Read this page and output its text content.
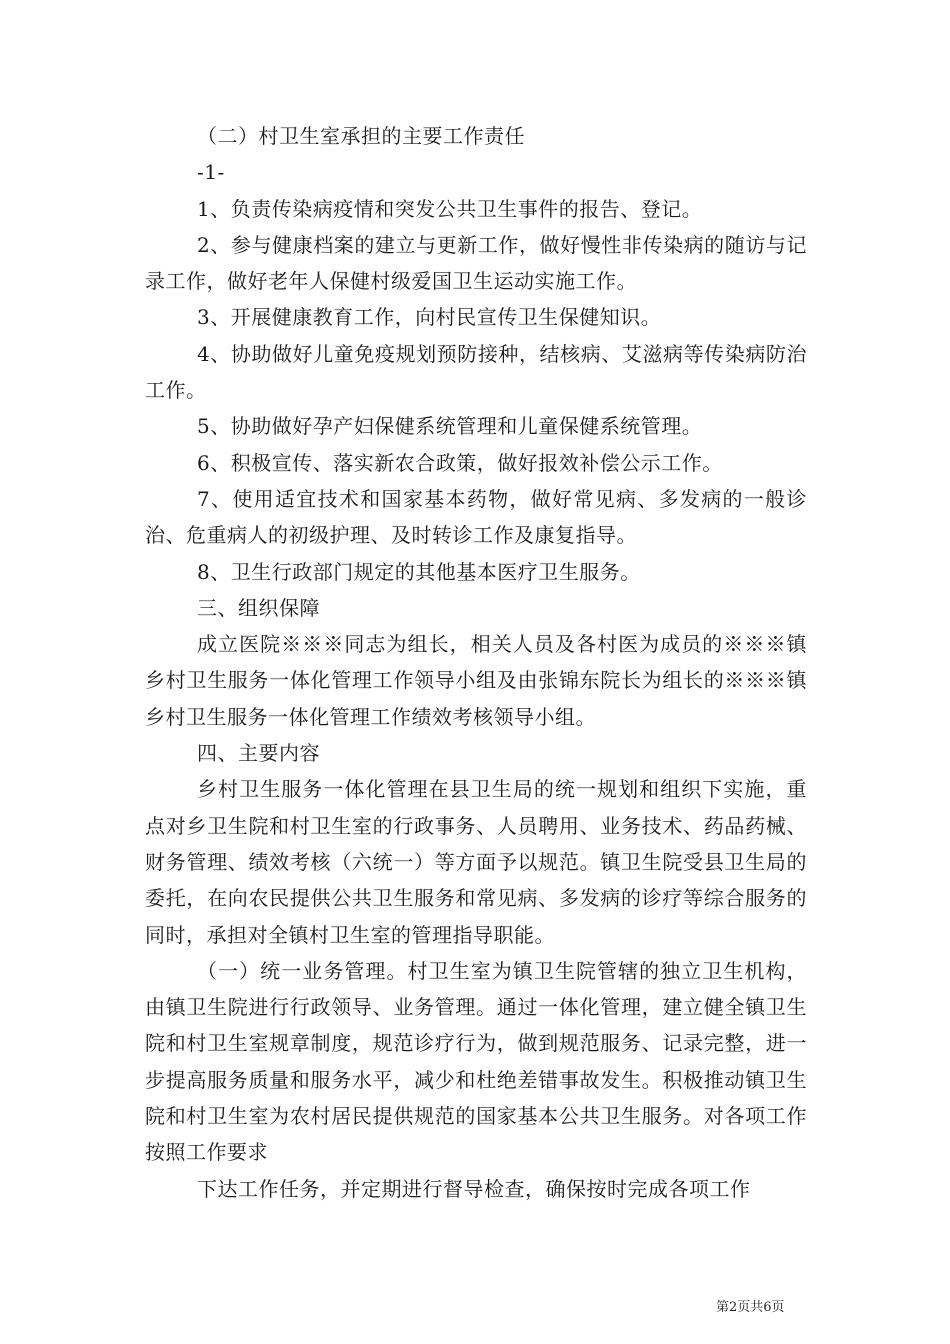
（二）村卫生室承担的主要工作责任

-1-

1、负责传染病疫情和突发公共卫生事件的报告、登记。

2、参与健康档案的建立与更新工作，做好慢性非传染病的随访与记录工作，做好老年人保健村级爱国卫生运动实施工作。

3、开展健康教育工作，向村民宣传卫生保健知识。

4、协助做好儿童免疫规划预防接种，结核病、艾滋病等传染病防治工作。

5、协助做好孕产妇保健系统管理和儿童保健系统管理。

6、积极宣传、落实新农合政策，做好报效补偿公示工作。

7、使用适宜技术和国家基本药物，做好常见病、多发病的一般诊治、危重病人的初级护理、及时转诊工作及康复指导。

8、卫生行政部门规定的其他基本医疗卫生服务。

三、组织保障

成立医院※※※同志为组长，相关人员及各村医为成员的※※※镇乡村卫生服务一体化管理工作领导小组及由张锦东院长为组长的※※※镇乡村卫生服务一体化管理工作绩效考核领导小组。

四、主要内容

乡村卫生服务一体化管理在县卫生局的统一规划和组织下实施，重点对乡卫生院和村卫生室的行政事务、人员聘用、业务技术、药品药械、财务管理、绩效考核（六统一）等方面予以规范。镇卫生院受县卫生局的委托，在向农民提供公共卫生服务和常见病、多发病的诊疗等综合服务的同时，承担对全镇村卫生室的管理指导职能。

（一）统一业务管理。村卫生室为镇卫生院管辖的独立卫生机构，由镇卫生院进行行政领导、业务管理。通过一体化管理，建立健全镇卫生院和村卫生室规章制度，规范诊疗行为，做到规范服务、记录完整，进一步提高服务质量和服务水平，减少和杜绝差错事故发生。积极推动镇卫生院和村卫生室为农村居民提供规范的国家基本公共卫生服务。对各项工作按照工作要求

下达工作任务，并定期进行督导检查，确保按时完成各项工作

第2页共6页
